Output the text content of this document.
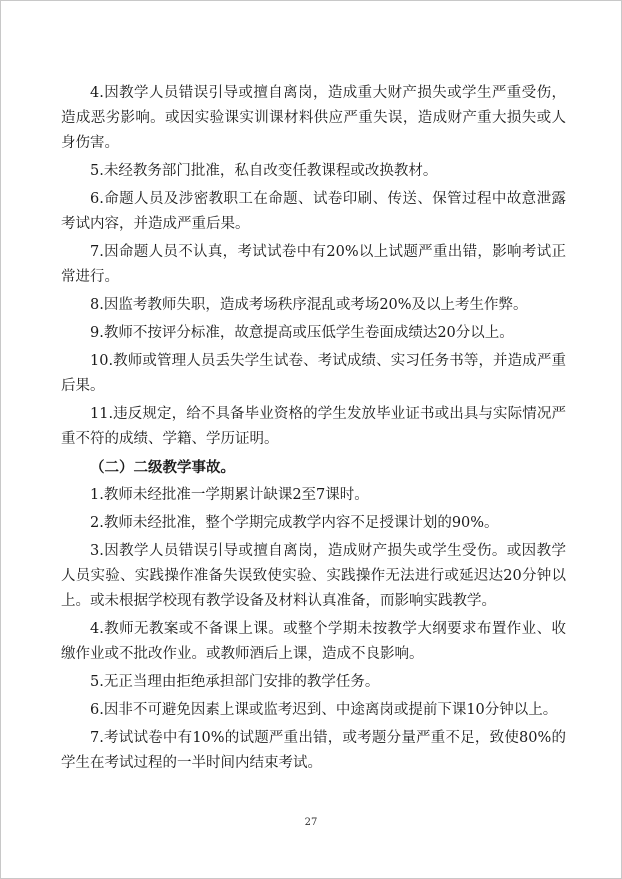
4.因教学人员错误引导或擅自离岗，造成重大财产损失或学生严重受伤，造成恶劣影响。或因实验课实训课材料供应严重失误，造成财产重大损失或人身伤害。

5.未经教务部门批准，私自改变任教课程或改换教材。

6.命题人员及涉密教职工在命题、试卷印刷、传送、保管过程中故意泄露考试内容，并造成严重后果。

7.因命题人员不认真，考试试卷中有20%以上试题严重出错，影响考试正常进行。

8.因监考教师失职，造成考场秩序混乱或考场20%及以上考生作弊。

9.教师不按评分标准，故意提高或压低学生卷面成绩达20分以上。

10.教师或管理人员丢失学生试卷、考试成绩、实习任务书等，并造成严重后果。

11.违反规定，给不具备毕业资格的学生发放毕业证书或出具与实际情况严重不符的成绩、学籍、学历证明。

（二）二级教学事故。

1.教师未经批准一学期累计缺课2至7课时。

2.教师未经批准，整个学期完成教学内容不足授课计划的90%。

3.因教学人员错误引导或擅自离岗，造成财产损失或学生受伤。或因教学人员实验、实践操作准备失误致使实验、实践操作无法进行或延迟达20分钟以上。或未根据学校现有教学设备及材料认真准备，而影响实践教学。

4.教师无教案或不备课上课。或整个学期未按教学大纲要求布置作业、收缴作业或不批改作业。或教师酒后上课，造成不良影响。

5.无正当理由拒绝承担部门安排的教学任务。

6.因非不可避免因素上课或监考迟到、中途离岗或提前下课10分钟以上。

7.考试试卷中有10%的试题严重出错，或考题分量严重不足，致使80%的学生在考试过程的一半时间内结束考试。

27
